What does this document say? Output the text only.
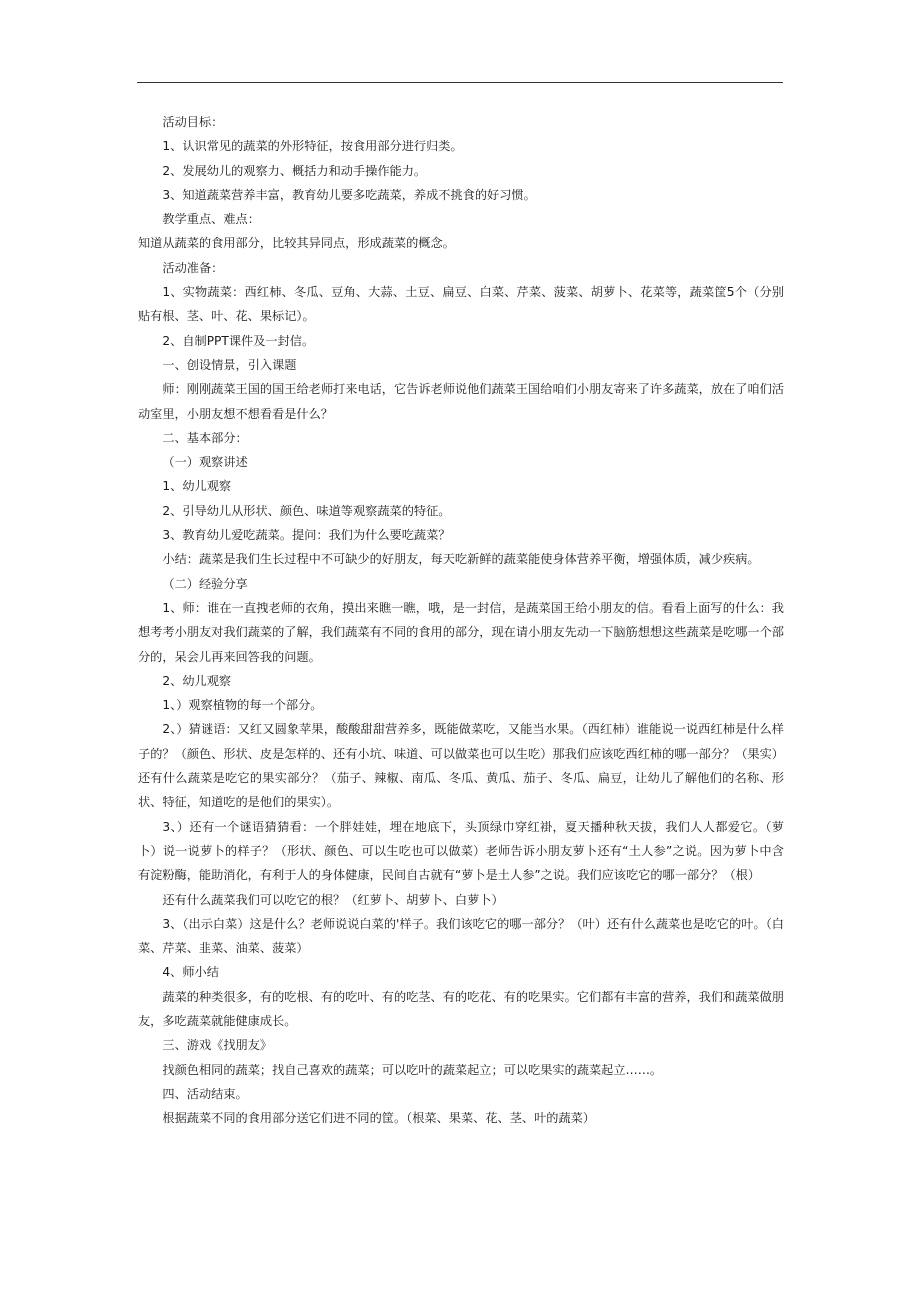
活动目标：

1、认识常见的蔬菜的外形特征，按食用部分进行归类。

2、发展幼儿的观察力、概括力和动手操作能力。

3、知道蔬菜营养丰富，教育幼儿要多吃蔬菜，养成不挑食的好习惯。

教学重点、难点：

知道从蔬菜的食用部分，比较其异同点，形成蔬菜的概念。

活动准备：

1、实物蔬菜：西红柿、冬瓜、豆角、大蒜、土豆、扁豆、白菜、芹菜、菠菜、胡萝卜、花菜等，蔬菜筐5个（分别贴有根、茎、叶、花、果标记）。

2、自制PPT课件及一封信。

一、创设情景，引入课题

师：刚刚蔬菜王国的国王给老师打来电话，它告诉老师说他们蔬菜王国给咱们小朋友寄来了许多蔬菜，放在了咱们活动室里，小朋友想不想看看是什么？

二、基本部分：

（一）观察讲述

1、幼儿观察

2、引导幼儿从形状、颜色、味道等观察蔬菜的特征。

3、教育幼儿爱吃蔬菜。提问：我们为什么要吃蔬菜？

小结：蔬菜是我们生长过程中不可缺少的好朋友，每天吃新鲜的蔬菜能使身体营养平衡，增强体质，减少疾病。

（二）经验分享

1、师：谁在一直拽老师的衣角，摸出来瞧一瞧，哦，是一封信，是蔬菜国王给小朋友的信。看看上面写的什么：我想考考小朋友对我们蔬菜的了解，我们蔬菜有不同的食用的部分，现在请小朋友先动一下脑筋想想这些蔬菜是吃哪一个部分的，呆会儿再来回答我的问题。

2、幼儿观察

1、）观察植物的每一个部分。

2、）猜谜语：又红又圆象苹果，酸酸甜甜营养多，既能做菜吃，又能当水果。（西红柿）谁能说一说西红柿是什么样子的？（颜色、形状、皮是怎样的、还有小坑、味道、可以做菜也可以生吃）那我们应该吃西红柿的哪一部分？（果实）还有什么蔬菜是吃它的果实部分？（茄子、辣椒、南瓜、冬瓜、黄瓜、茄子、冬瓜、扁豆，让幼儿了解他们的名称、形状、特征，知道吃的是他们的果实）。

3、）还有一个谜语猜猜看：一个胖娃娃，埋在地底下，头顶绿巾穿红褂，夏天播种秋天拔，我们人人都爱它。（萝卜）说一说萝卜的样子？（形状、颜色、可以生吃也可以做菜）老师告诉小朋友萝卜还有“土人参”之说。因为萝卜中含有淀粉酶，能助消化，有利于人的身体健康，民间自古就有“萝卜是土人参”之说。我们应该吃它的哪一部分？（根）

还有什么蔬菜我们可以吃它的根？（红萝卜、胡萝卜、白萝卜）

3、（出示白菜）这是什么？老师说说白菜的'样子。我们该吃它的哪一部分？（叶）还有什么蔬菜也是吃它的叶。（白菜、芹菜、韭菜、油菜、菠菜）

4、师小结

蔬菜的种类很多，有的吃根、有的吃叶、有的吃茎、有的吃花、有的吃果实。它们都有丰富的营养，我们和蔬菜做朋友，多吃蔬菜就能健康成长。

三、游戏《找朋友》

找颜色相同的蔬菜；找自己喜欢的蔬菜；可以吃叶的蔬菜起立；可以吃果实的蔬菜起立……。

四、活动结束。

根据蔬菜不同的食用部分送它们进不同的筐。（根菜、果菜、花、茎、叶的蔬菜）
